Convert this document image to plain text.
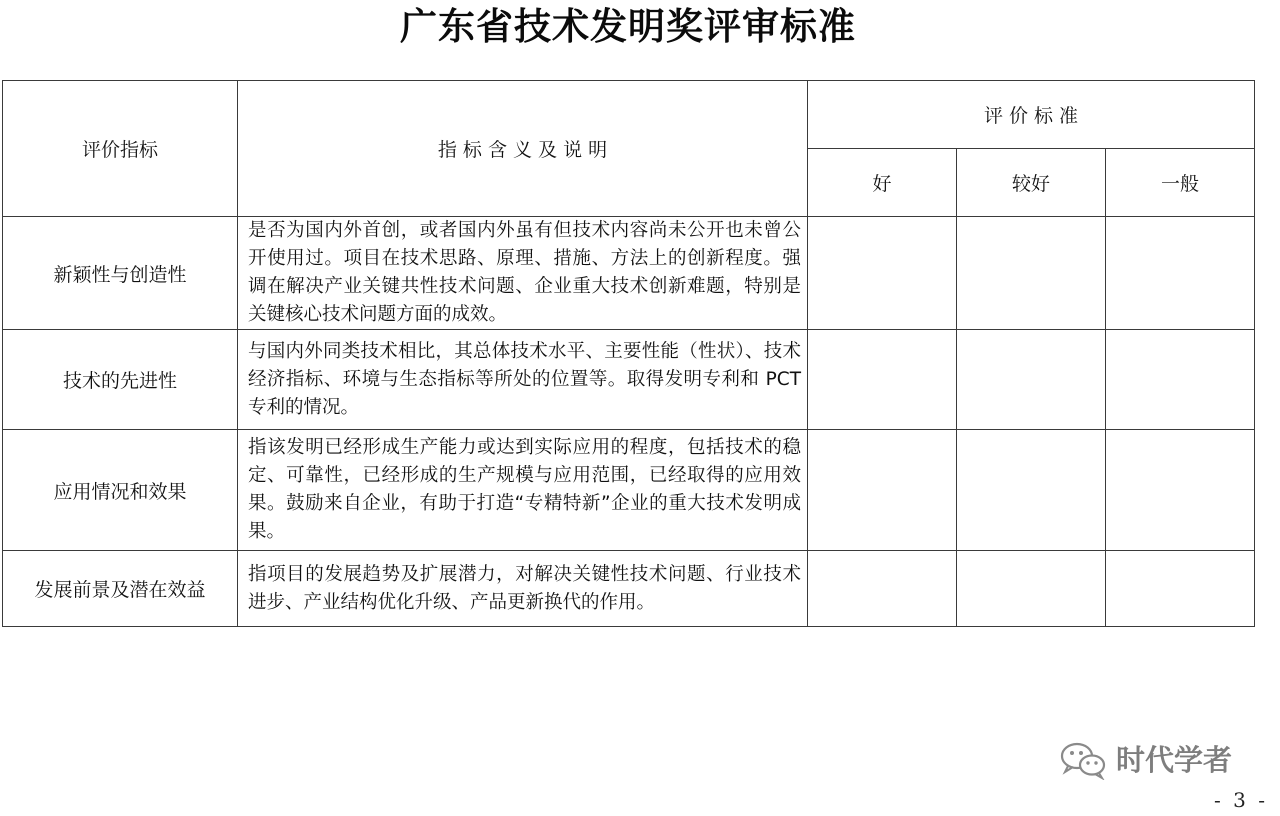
广东省技术发明奖评审标准
评价指标	指 标 含 义 及 说 明	评 价 标 准		
		好	较好	一般
新颖性与创造性	是否为国内外首创，或者国内外虽有但技术内容尚未公开也未曾公开使用过。项目在技术思路、原理、措施、方法上的创新程度。强调在解决产业关键共性技术问题、企业重大技术创新难题，特别是关键核心技术问题方面的成效。			
技术的先进性	与国内外同类技术相比，其总体技术水平、主要性能（性状）、技术经济指标、环境与生态指标等所处的位置等。取得发明专利和 PCT 专利的情况。			
应用情况和效果	指该发明已经形成生产能力或达到实际应用的程度，包括技术的稳定、可靠性，已经形成的生产规模与应用范围，已经取得的应用效果。鼓励来自企业，有助于打造“专精特新”企业的重大技术发明成果。			
发展前景及潜在效益	指项目的发展趋势及扩展潜力，对解决关键性技术问题、行业技术进步、产业结构优化升级、产品更新换代的作用。			
时代学者
- 3 -
